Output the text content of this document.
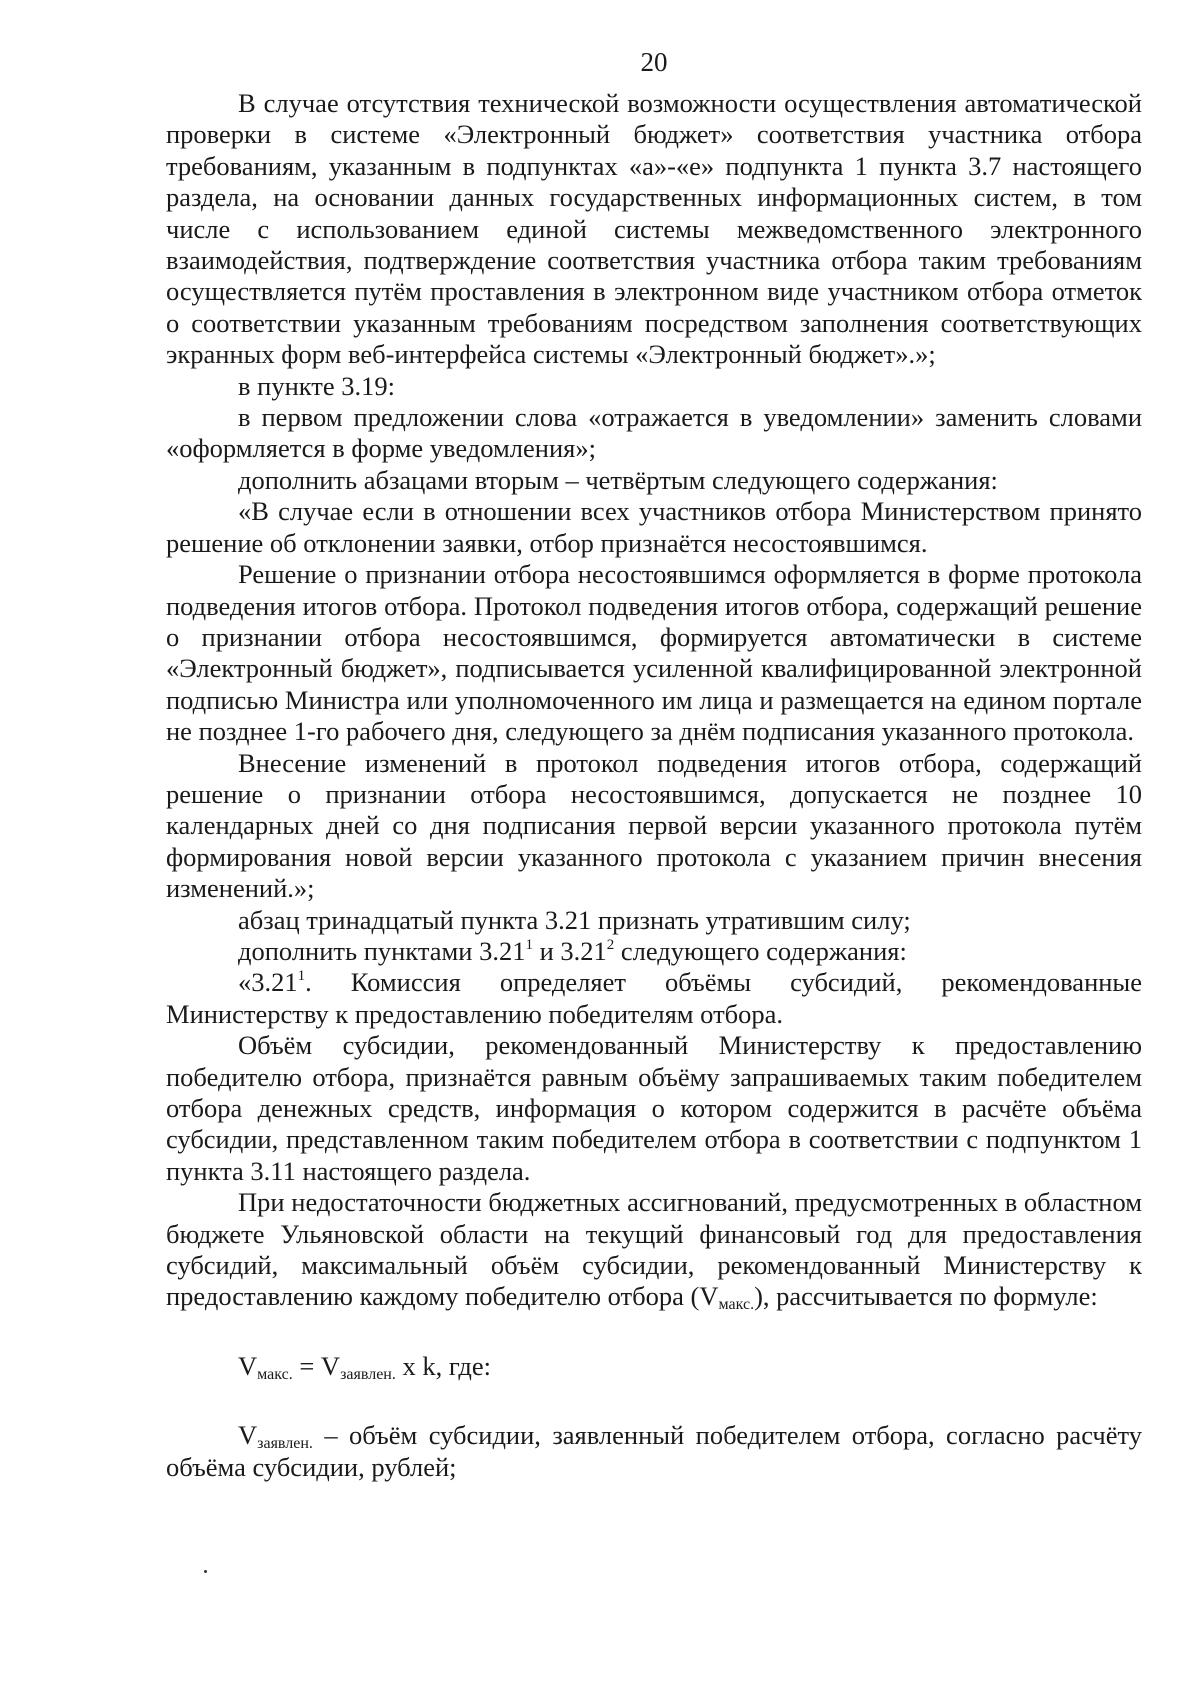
20

В случае отсутствия технической возможности осуществления автоматической проверки в системе «Электронный бюджет» соответствия участника отбора требованиям, указанным в подпунктах «а»-«е» подпункта 1 пункта 3.7 настоящего раздела, на основании данных государственных информационных систем, в том числе с использованием единой системы межведомственного электронного взаимодействия, подтверждение соответствия участника отбора таким требованиям осуществляется путём проставления в электронном виде участником отбора отметок о соответствии указанным требованиям посредством заполнения соответствующих экранных форм веб-интерфейса системы «Электронный бюджет».»;

в пункте 3.19:

в первом предложении слова «отражается в уведомлении» заменить словами «оформляется в форме уведомления»;

дополнить абзацами вторым – четвёртым следующего содержания:

«В случае если в отношении всех участников отбора Министерством принято решение об отклонении заявки, отбор признаётся несостоявшимся.

Решение о признании отбора несостоявшимся оформляется в форме протокола подведения итогов отбора. Протокол подведения итогов отбора, содержащий решение о признании отбора несостоявшимся, формируется автоматически в системе «Электронный бюджет», подписывается усиленной квалифицированной электронной подписью Министра или уполномоченного им лица и размещается на едином портале не позднее 1-го рабочего дня, следующего за днём подписания указанного протокола.

Внесение изменений в протокол подведения итогов отбора, содержащий решение о признании отбора несостоявшимся, допускается не позднее 10 календарных дней со дня подписания первой версии указанного протокола путём формирования новой версии указанного протокола с указанием причин внесения изменений.»;

абзац тринадцатый пункта 3.21 признать утратившим силу;

дополнить пунктами 3.21$^1$ и 3.21$^2$ следующего содержания:

«3.21$^1$. Комиссия определяет объёмы субсидий, рекомендованные Министерству к предоставлению победителям отбора.

Объём субсидии, рекомендованный Министерству к предоставлению победителю отбора, признаётся равным объёму запрашиваемых таким победителем отбора денежных средств, информация о котором содержится в расчёте объёма субсидии, представленном таким победителем отбора в соответствии с подпунктом 1 пункта 3.11 настоящего раздела.

При недостаточности бюджетных ассигнований, предусмотренных в областном бюджете Ульяновской области на текущий финансовый год для предоставления субсидий, максимальный объём субсидии, рекомендованный Министерству к предоставлению каждому победителю отбора $(V_{макс.})$, рассчитывается по формуле:

$V_{макс.} = V_{заявлен.}$ x k, где:

$V_{заявлен.}$ – объём субсидии, заявленный победителем отбора, согласно расчёту объёма субсидии, рублей;
